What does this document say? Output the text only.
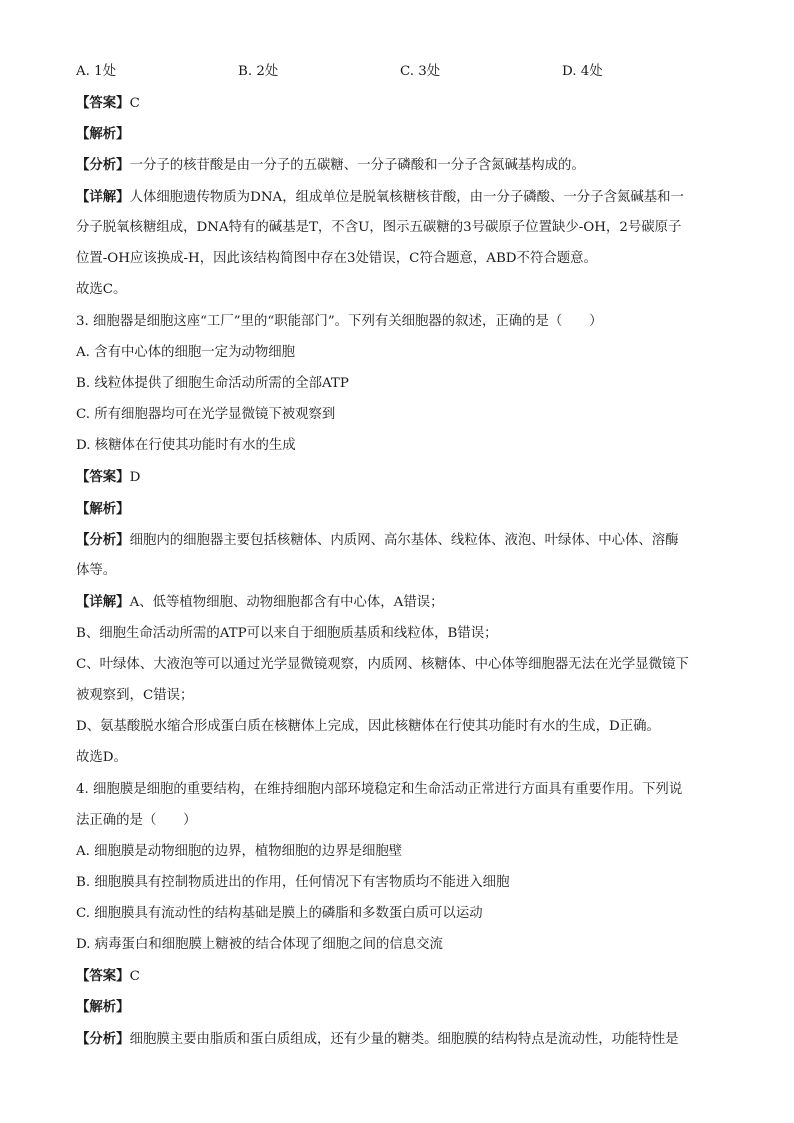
A. 1处	B. 2处	C. 3处	D. 4处
【答案】C
【解析】
【分析】一分子的核苷酸是由一分子的五碳糖、一分子磷酸和一分子含氮碱基构成的。
【详解】人体细胞遗传物质为DNA，组成单位是脱氧核糖核苷酸，由一分子磷酸、一分子含氮碱基和一
分子脱氧核糖组成，DNA特有的碱基是T，不含U，图示五碳糖的3号碳原子位置缺少-OH，2号碳原子
位置-OH应该换成-H，因此该结构简图中存在3处错误，C符合题意，ABD不符合题意。
故选C。
3. 细胞器是细胞这座“工厂”里的“职能部门”。下列有关细胞器的叙述，正确的是（　　）
A. 含有中心体的细胞一定为动物细胞
B. 线粒体提供了细胞生命活动所需的全部ATP
C. 所有细胞器均可在光学显微镜下被观察到
D. 核糖体在行使其功能时有水的生成
【答案】D
【解析】
【分析】细胞内的细胞器主要包括核糖体、内质网、高尔基体、线粒体、液泡、叶绿体、中心体、溶酶
体等。
【详解】A、低等植物细胞、动物细胞都含有中心体，A错误；
B、细胞生命活动所需的ATP可以来自于细胞质基质和线粒体，B错误；
C、叶绿体、大液泡等可以通过光学显微镜观察，内质网、核糖体、中心体等细胞器无法在光学显微镜下
被观察到，C错误；
D、氨基酸脱水缩合形成蛋白质在核糖体上完成，因此核糖体在行使其功能时有水的生成，D正确。
故选D。
4. 细胞膜是细胞的重要结构，在维持细胞内部环境稳定和生命活动正常进行方面具有重要作用。下列说
法正确的是（　　）
A. 细胞膜是动物细胞的边界，植物细胞的边界是细胞壁
B. 细胞膜具有控制物质进出的作用，任何情况下有害物质均不能进入细胞
C. 细胞膜具有流动性的结构基础是膜上的磷脂和多数蛋白质可以运动
D. 病毒蛋白和细胞膜上糖被的结合体现了细胞之间的信息交流
【答案】C
【解析】
【分析】细胞膜主要由脂质和蛋白质组成，还有少量的糖类。细胞膜的结构特点是流动性，功能特性是
